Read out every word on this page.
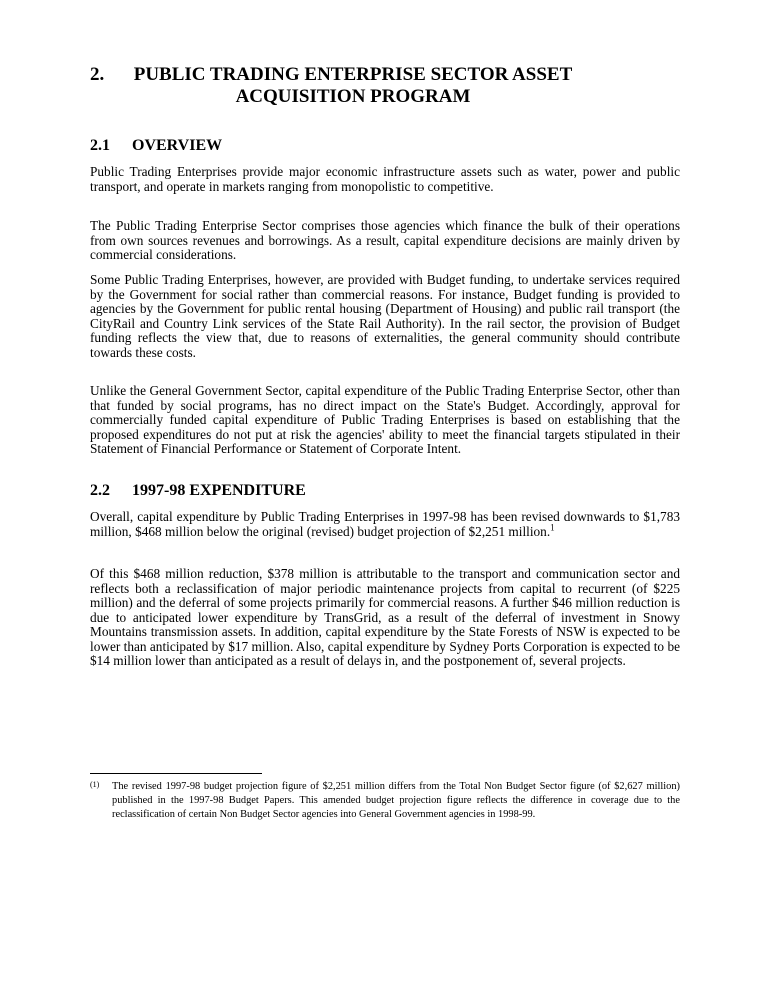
2.	PUBLIC TRADING ENTERPRISE SECTOR ASSET ACQUISITION PROGRAM
2.1 OVERVIEW

Public Trading Enterprises provide major economic infrastructure assets such as water, power and public transport, and operate in markets ranging from monopolistic to competitive.

The Public Trading Enterprise Sector comprises those agencies which finance the bulk of their operations from own sources revenues and borrowings. As a result, capital expenditure decisions are mainly driven by commercial considerations.

Some Public Trading Enterprises, however, are provided with Budget funding, to undertake services required by the Government for social rather than commercial reasons. For instance, Budget funding is provided to agencies by the Government for public rental housing (Department of Housing) and public rail transport (the CityRail and Country Link services of the State Rail Authority). In the rail sector, the provision of Budget funding reflects the view that, due to reasons of externalities, the general community should contribute towards these costs.

Unlike the General Government Sector, capital expenditure of the Public Trading Enterprise Sector, other than that funded by social programs, has no direct impact on the State's Budget. Accordingly, approval for commercially funded capital expenditure of Public Trading Enterprises is based on establishing that the proposed expenditures do not put at risk the agencies' ability to meet the financial targets stipulated in their Statement of Financial Performance or Statement of Corporate Intent.

2.2 1997-98 EXPENDITURE

Overall, capital expenditure by Public Trading Enterprises in 1997-98 has been revised downwards to $1,783 million, $468 million below the original (revised) budget projection of $2,251 million.$^1$

Of this $468 million reduction, $378 million is attributable to the transport and communication sector and reflects both a reclassification of major periodic maintenance projects from capital to recurrent (of $225 million) and the deferral of some projects primarily for commercial reasons. A further $46 million reduction is due to anticipated lower expenditure by TransGrid, as a result of the deferral of investment in Snowy Mountains transmission assets. In addition, capital expenditure by the State Forests of NSW is expected to be lower than anticipated by $17 million. Also, capital expenditure by Sydney Ports Corporation is expected to be $14 million lower than anticipated as a result of delays in, and the postponement of, several projects.

(1) The revised 1997-98 budget projection figure of $2,251 million differs from the Total Non Budget Sector figure (of $2,627 million) published in the 1997-98 Budget Papers. This amended budget projection figure reflects the difference in coverage due to the reclassification of certain Non Budget Sector agencies into General Government agencies in 1998-99.
